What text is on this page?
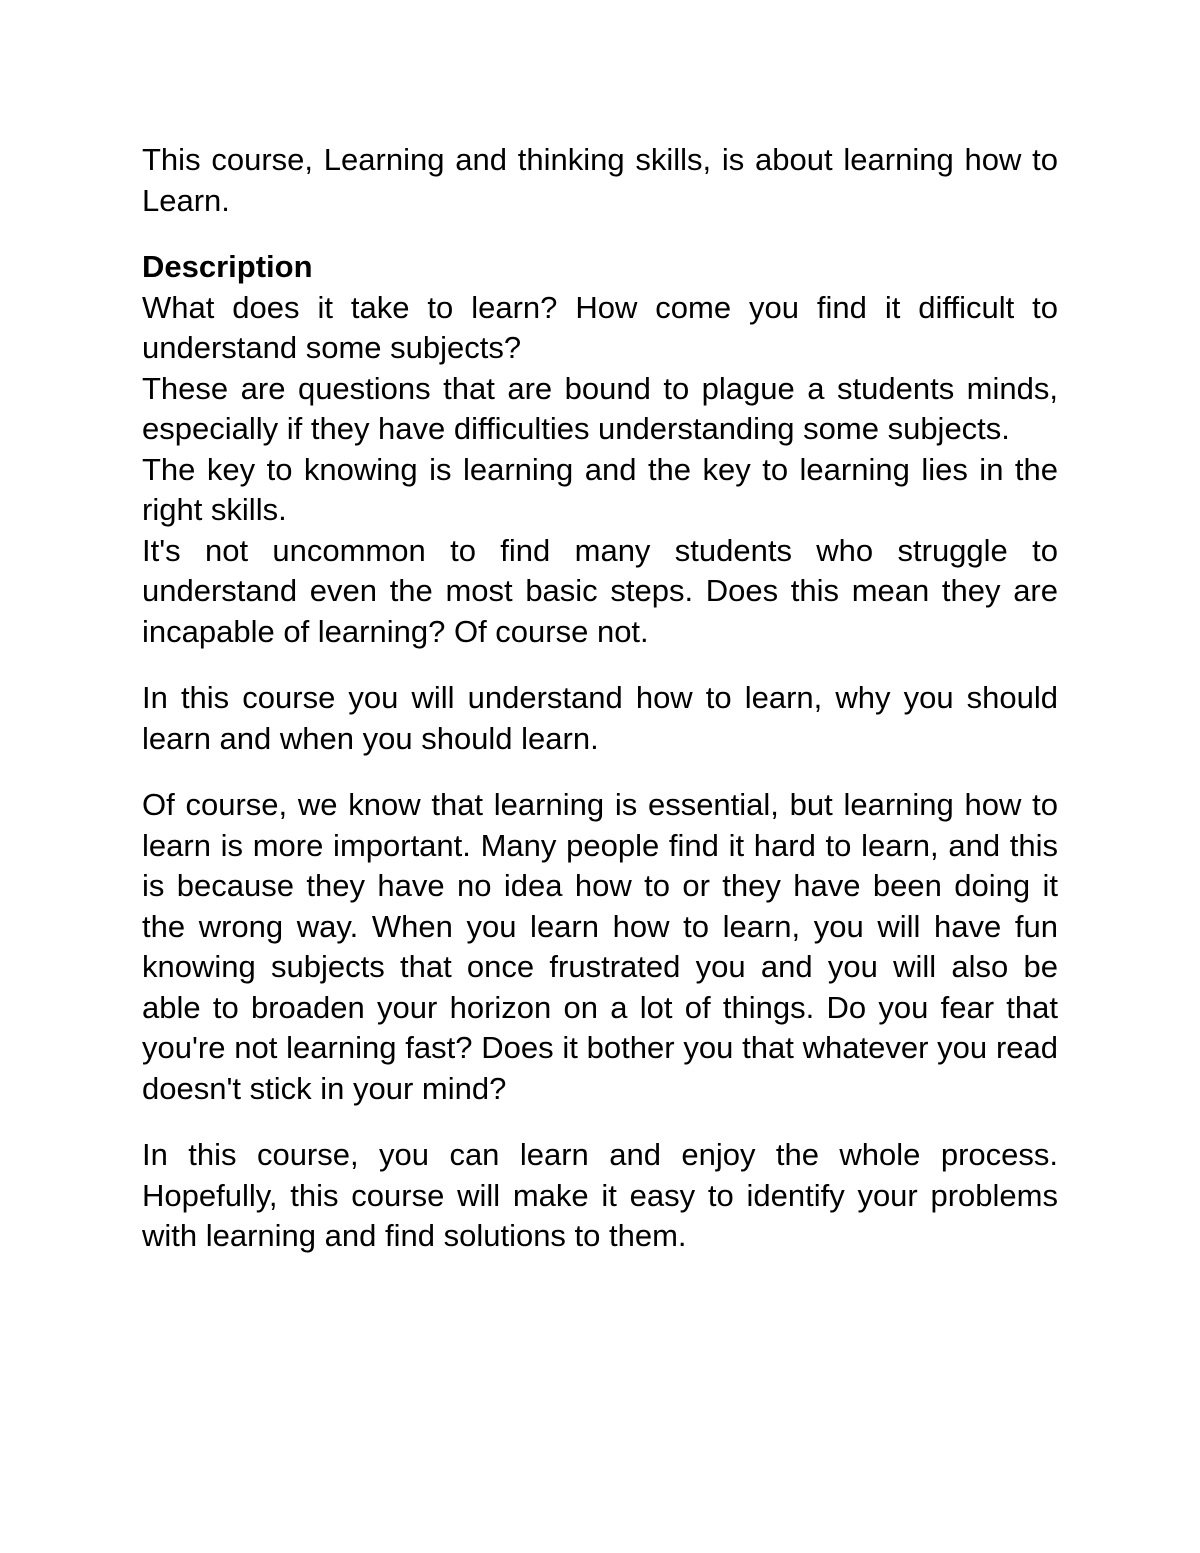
This course, Learning and thinking skills, is about learning how to Learn.

Description

What does it take to learn? How come you find it difficult to understand some subjects?

These are questions that are bound to plague a students minds, especially if they have difficulties understanding some subjects.

The key to knowing is learning and the key to learning lies in the right skills.

It's not uncommon to find many students who struggle to understand even the most basic steps. Does this mean they are incapable of learning? Of course not.

In this course you will understand how to learn, why you should learn and when you should learn.

Of course, we know that learning is essential, but learning how to learn is more important. Many people find it hard to learn, and this is because they have no idea how to or they have been doing it the wrong way. When you learn how to learn, you will have fun knowing subjects that once frustrated you and you will also be able to broaden your horizon on a lot of things. Do you fear that you're not learning fast? Does it bother you that whatever you read doesn't stick in your mind?

In this course, you can learn and enjoy the whole process. Hopefully, this course will make it easy to identify your problems with learning and find solutions to them.
